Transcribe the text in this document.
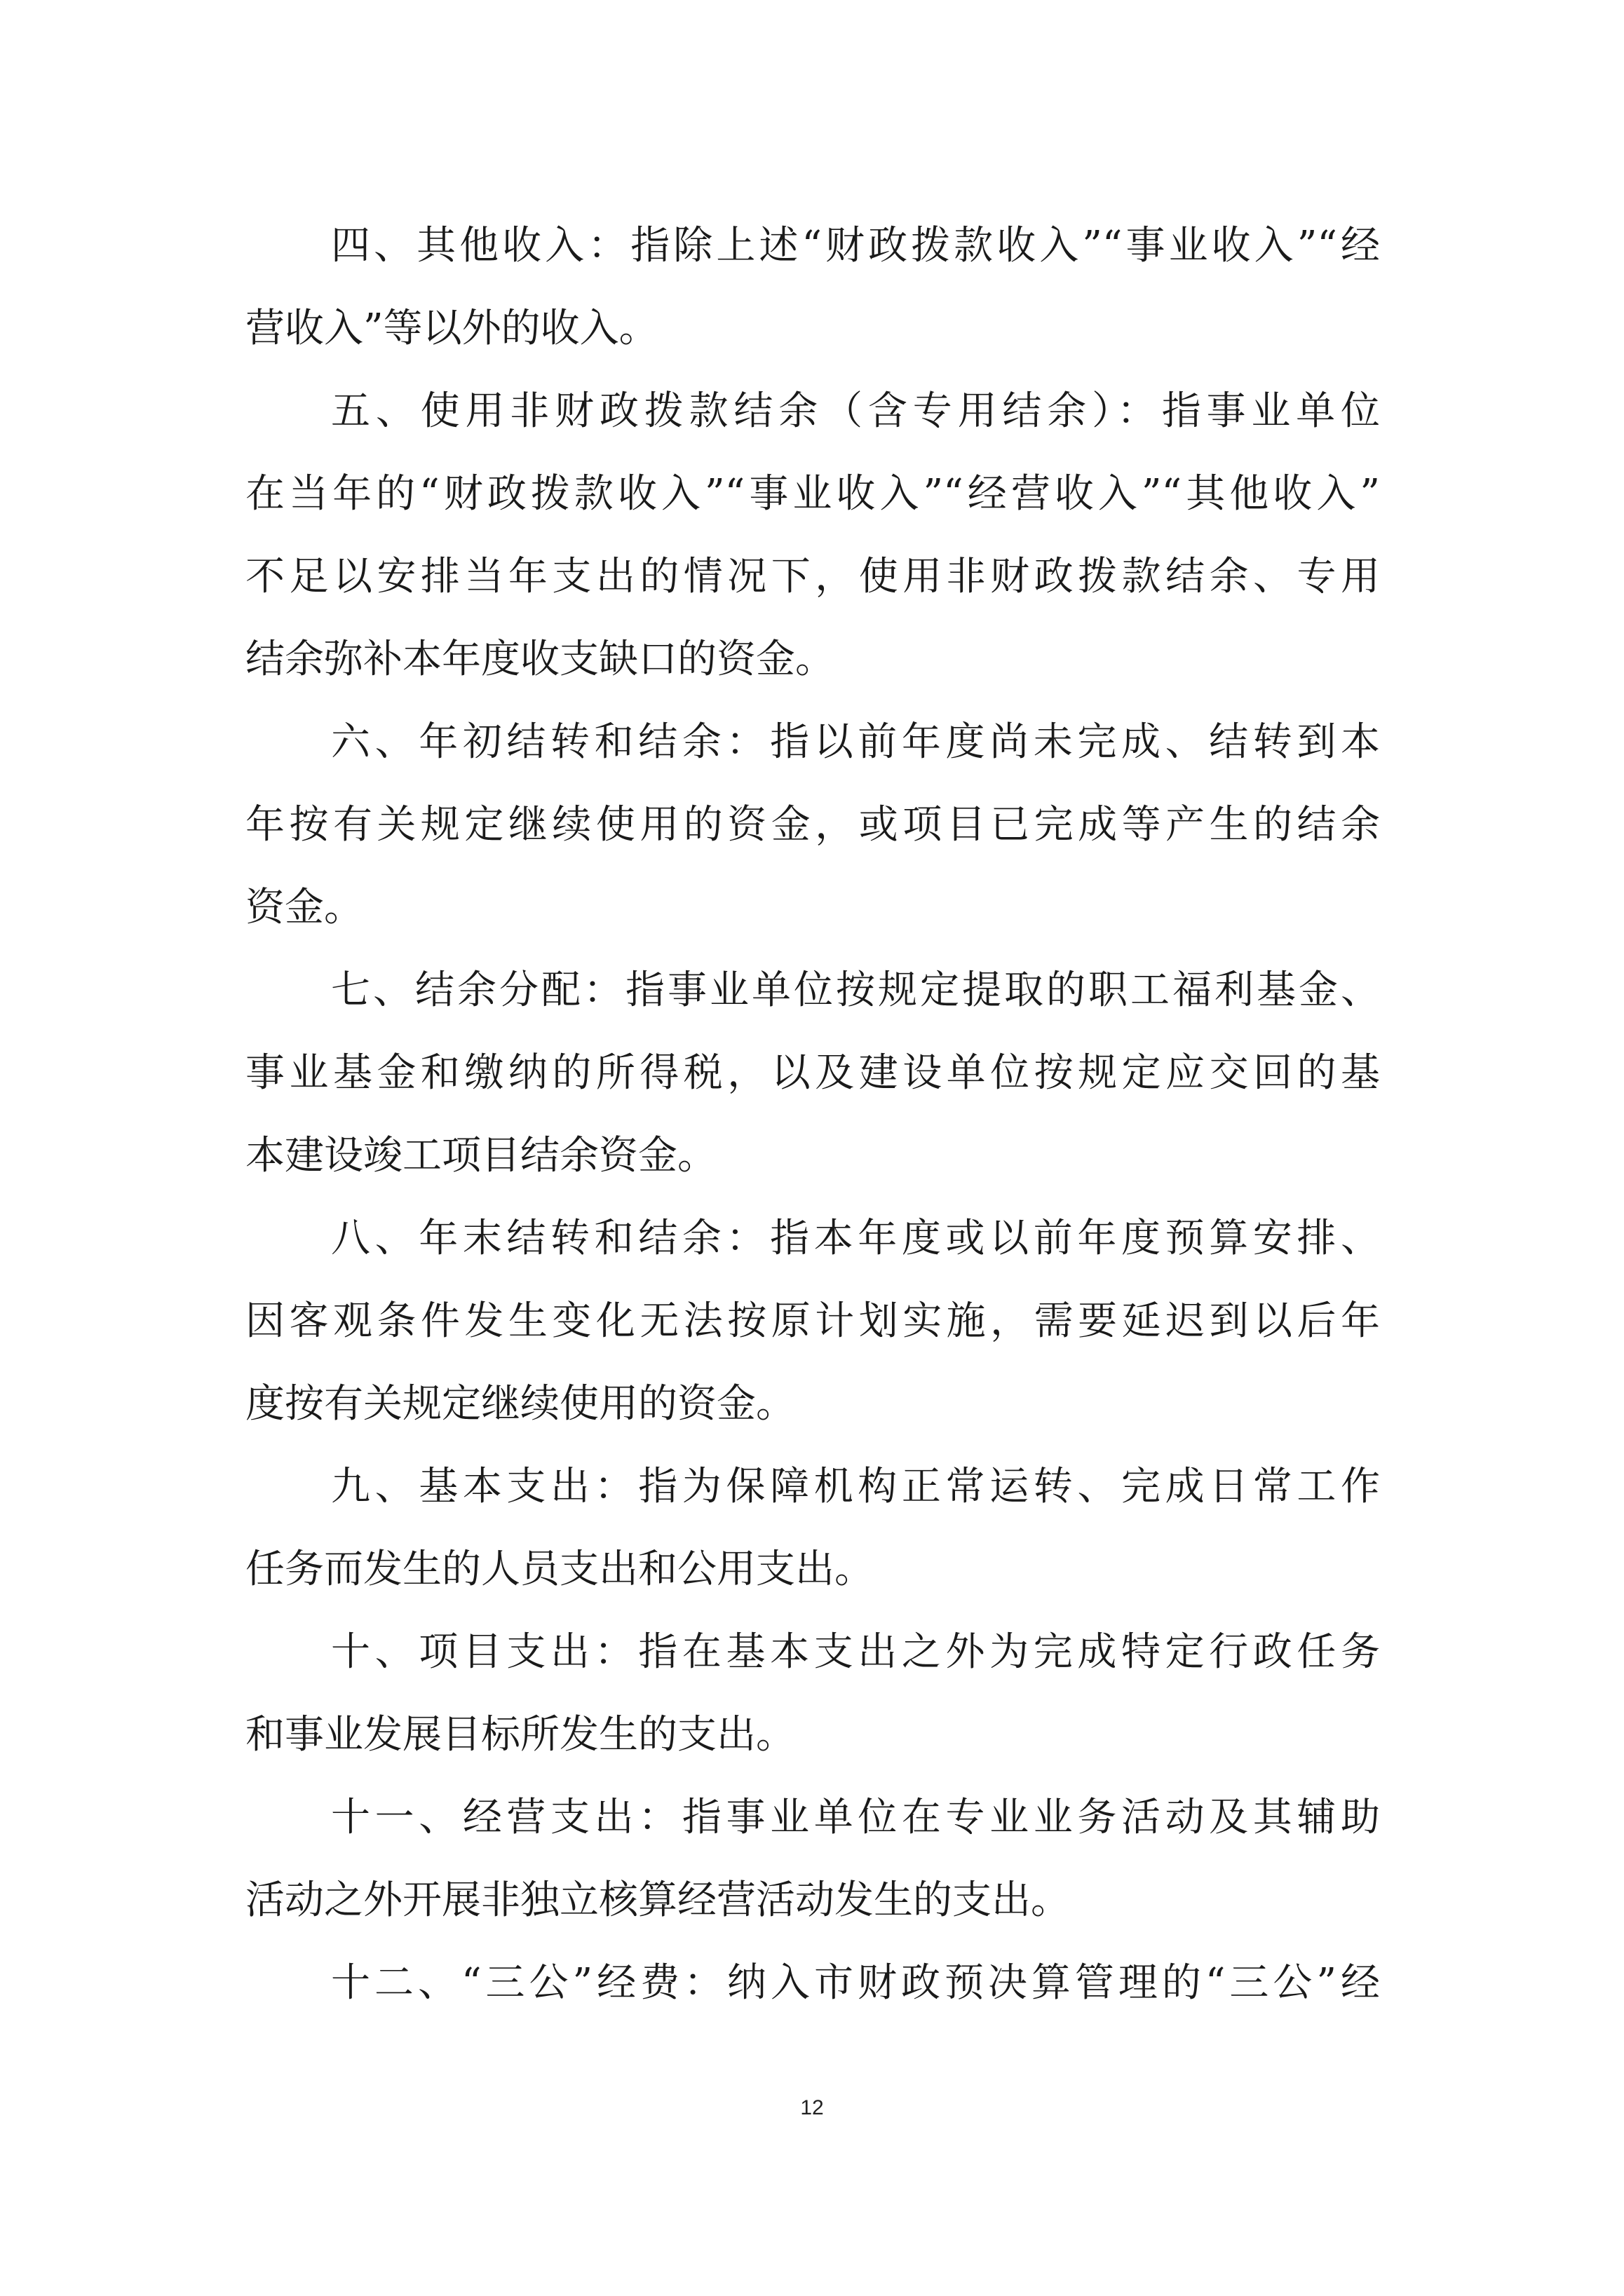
四、其他收入：指除上述“财政拨款收入”“事业收入”“经
营收入”等以外的收入。
五、使用非财政拨款结余（含专用结余）：指事业单位
在当年的“财政拨款收入”“事业收入”“经营收入”“其他收入”
不足以安排当年支出的情况下，使用非财政拨款结余、专用
结余弥补本年度收支缺口的资金。
六、年初结转和结余：指以前年度尚未完成、结转到本
年按有关规定继续使用的资金，或项目已完成等产生的结余
资金。
七、结余分配：指事业单位按规定提取的职工福利基金、
事业基金和缴纳的所得税，以及建设单位按规定应交回的基
本建设竣工项目结余资金。
八、年末结转和结余：指本年度或以前年度预算安排、
因客观条件发生变化无法按原计划实施，需要延迟到以后年
度按有关规定继续使用的资金。
九、基本支出：指为保障机构正常运转、完成日常工作
任务而发生的人员支出和公用支出。
十、项目支出：指在基本支出之外为完成特定行政任务
和事业发展目标所发生的支出。
十一、经营支出：指事业单位在专业业务活动及其辅助
活动之外开展非独立核算经营活动发生的支出。
十二、“三公”经费：纳入市财政预决算管理的“三公”经
12
